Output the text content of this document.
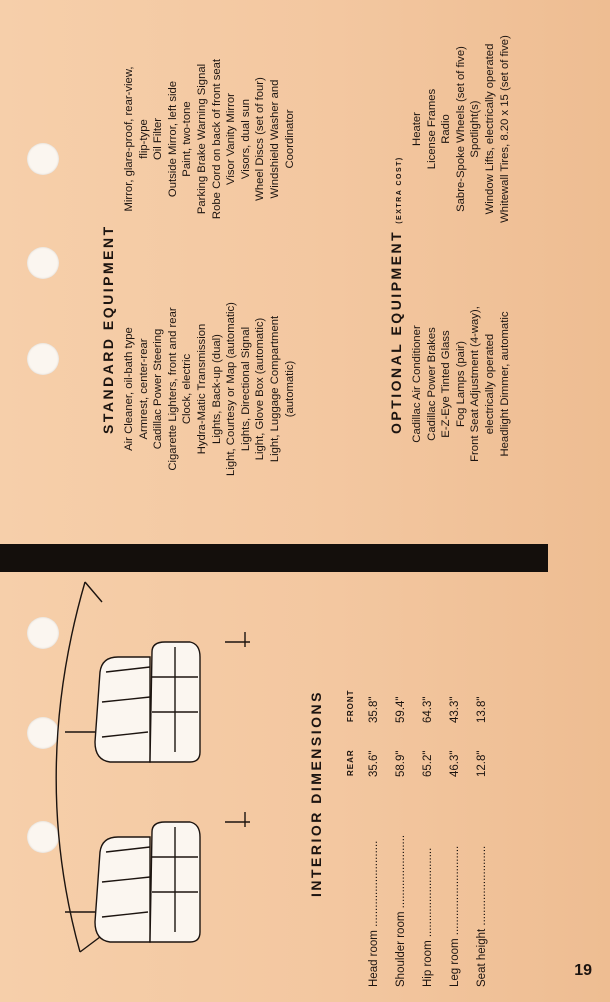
STANDARD EQUIPMENT Air Cleaner, oil-bath type Armrest, center-rear Cadillac Power Steering Cigarette Lighters, front and rear Clock, electric Hydra-Matic Transmission Lights, Back-up (dual) Light, Courtesy or Map (automatic) Lights, Directional Signal Light, Glove Box (automatic) Light, Luggage Compartment (automatic)
Mirror, glare-proof, rear-view, flip-type Oil Filter Outside Mirror, left side Paint, two-tone Parking Brake Warning Signal Robe Cord on back of front seat Visor Vanity Mirror Visors, dual sun Wheel Discs (set of four) Windshield Washer and Coordinator
OPTIONAL EQUIPMENT(EXTRA COST)
Cadillac Air Conditioner Cadillac Power Brakes E-Z-Eye Tinted Glass Fog Lamps (pair) Front Seat Adjustment (4-way), electrically operated Headlight Dimmer, automatic
Heater License Frames Radio Sabre-Spoke Wheels (set of five) Spotlight(s) Window Lifts, electrically operated Whitewall Tires, 8.20 x 15 (set of five)
INTERIOR DIMENSIONS
		REAR	FRONT
Head room ...........................	35.6"	35.8"
Shoulder room .......................	58.9"	59.4"
Hip room ............................	65.2"	64.3"
Leg room ............................	46.3"	43.3"
Seat height .........................	12.8"	13.8"
19
